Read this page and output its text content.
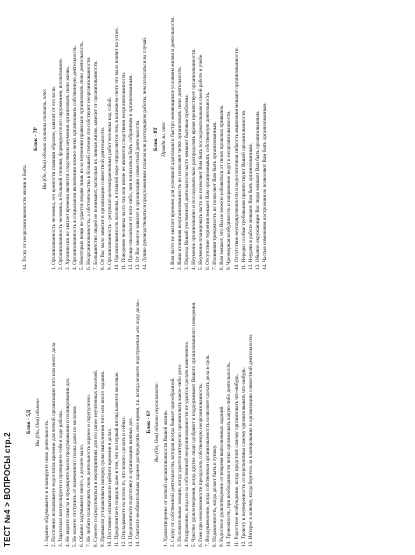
ТЕСТ №4 > ВОПРОСЫ стр.2
Блок - 5Д Вы (Он, Она) обычно: 1. Заранее обдумываете и планируете свою деятельность. 2. Постоянно испытываете недостаток времени для четкой организации того или иного дела. 3. Тщательно контролируете и проверяете себя в ходе работы. 4. Не видите смысла в предварительном продумывании и планировании дел. 5. Не можете отступить от намеченного плана даже по мелочам. 6. Обычно задумываете много, а делаете мало. 7. Не любите планировать свою деятельность заранее и скрупулезно. 8. Сумеете сосредоточиться в мероприятиях для его ранее неучтенных мелочей. 9. Привыкли устанавливать наперед сроки выполнения того или иного задания. 10. Постоянно испытываете цейтнот времени в делах. 11. Предпочитаете порядок даже в том, что не первый взгляд кажется мелочью. 12. Откладываете на потом то, что можно сделать и сейчас. 13. Предпочитаете подготовку и организацию важных дел. 14. Считаете необязательным заранее распределять свое время, т.к. всегда можете подстроиться «по ходу дела». Блок - 6? Вы (Он, Она) обычно переживаете: 1. Удовлетворение от четкой организованности Вашей жизни. 2. Скуку от собственной деятельности, которая всегда бывает однообразной. 3. Положительные эмоции, когда удается интересно организовать какое-либо дело. 4. Раздражение, когда из-за собственной неорганизованности не удается сделать намеченное. 5. Чувство удовлетворения, когда другие люди одобряют и поддерживают Вашего организованного поведения. 6. Гнев при невозможности преодолеть собственную неорганизованность. 7. Воодушевление, когда собственная организованность позволяет сделать дела в срок. 8. Подавленность, когда делает быть к тупику. 9. Радостное удовлетворение от вовремя выполненных заданий. 10. Тревожность, при необходимости четко организовать какую-либо деятельность. 11. Радостное возбуждение, когда предстоит самому организовать что-нибудь. 12. Тревогу и неуверенность от перспективы самому организовывать что-нибудь. 13. Интерес к новому, когда беретесь за планирование и организацию совместной деятельности.
14. Тоску от неорганизованности жизни и быта.
Блок - 7Р Вы (Он, Она) обычно склонны считать, что: 1. Организованность человека, его ценности главным образом, зависят от его воли. 2. Организованность человека, в большей степени, формируется его окружением, воспитанием. 3. Хронически не хватает времени является следствием неумения организовать свою жизнь. 4. Организованность в социальном включении можно четко организовать собственную деятельность. 5. Некоторых вещи не удается людям лишь из-за неумения правильно организовать свою деятельность. 6. Неорганизованность, а обстоятельства в большей степени способствуют неорганизованности. 7. Большинство людей не понимают, насколько их личная жизнь зависит от организованности. 8. От Вас мало зависит в организации совместной деятельности. 9. Организованность - результат целенаправленных работ человека над собой. 10. Организованность человека, в главной мере определяется тем, в конечном счете это мало влияет на успех. 11. Поведение человека часто так или иначе не является следствием неорганизованности. 12. Проще отказаться от чего-либо, чем попытаться быть собранным и организованным. 13. От Вас многое зависит в организации совместной деятельности. 14. Лучше руководствоваться предложенным планом или распорядком работы, чем полагаться на случай. Блок - 8Т Правда ли, что: 1. Вам часто не хватает времени для успешной адаптации к быстро меняющимся условиям жизни и деятельности. 2. Ваша излишняя неорганизованность не позволяет четко организовать свою деятельность. 3. Переход Вашей умственной деятельности часто мешают бытовые проблемы. 4. Неумение организованно и последовательно распределять время препятствует организованности. 5. Неумение планировать часто не позволяет Вам быть последовательным в своей работе и учебе. 6. Отсутствие терпения мешает Вам организовывать собственную деятельность. 7. Излишняя тревожность не позволяет Вам быть организованным. 8. Вам мешает, что Вы не можете избавиться от своих прошлых привычек. 9. Чрезмерная возбудимость и напряжение ведут к неорганизованности. 10. Отсутствие неупорядоченности и недостаточная гибкость мышления мешают организованности. 11. Нередко особые требования препятствуют Вашей организованности. 12. Неудачи в работе мешают Вам быть организованным. 13. Обычно окружающие Вас люди мешают Вам быть организованным. 14. Частые изменения настроения не позволяют Вам быть организованным.
